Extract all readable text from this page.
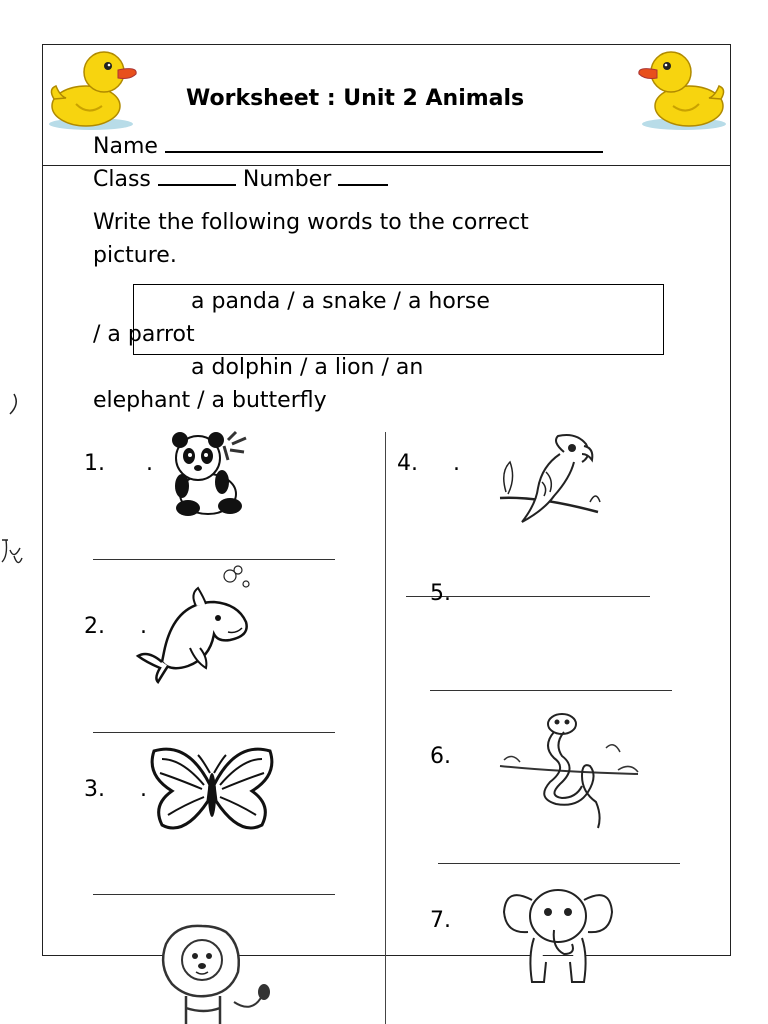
Worksheet : Unit 2 Animals
Name
Class	Number
Write the following words to the correct
picture.
a panda / a snake / a horse
/ a parrot
a dolphin / a lion / an
elephant / a butterfly
1. .
2. .
3. .
4. .
5.
6.
7.
